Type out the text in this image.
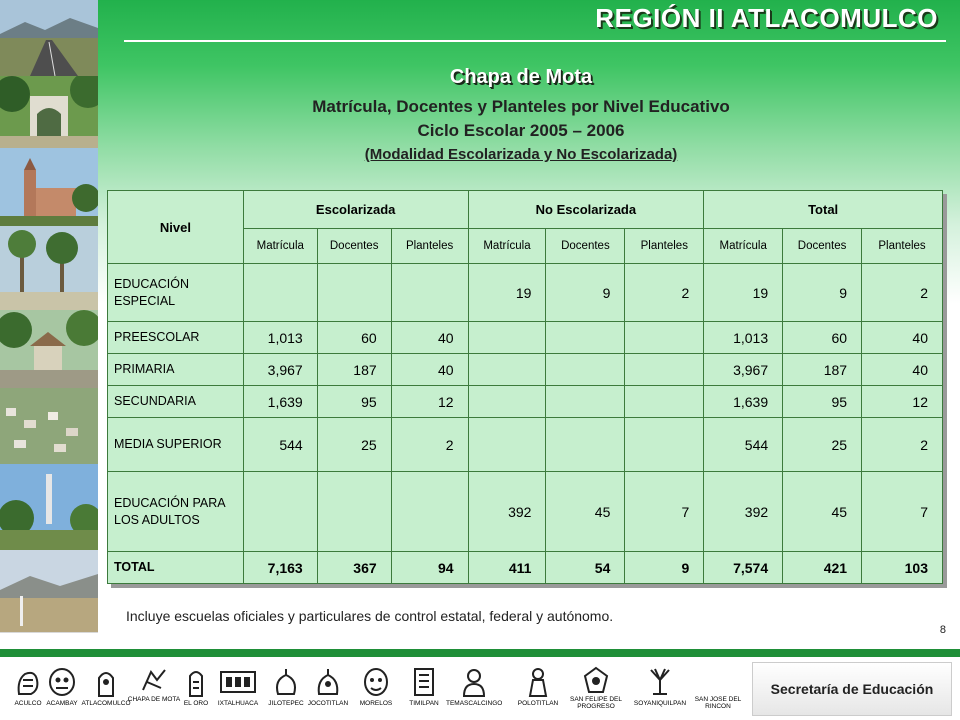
REGIÓN II ATLACOMULCO
Chapa de Mota
Matrícula, Docentes y Planteles por Nivel Educativo
Ciclo Escolar 2005 – 2006
(Modalidad Escolarizada y No Escolarizada)
Nivel	Escolarizada			No Escolarizada			Total		
	Matrícula	Docentes	Planteles	Matrícula	Docentes	Planteles	Matrícula	Docentes	Planteles
EDUCACIÓN ESPECIAL				19	9	2	19	9	2
PREESCOLAR	1,013	60	40				1,013	60	40
PRIMARIA	3,967	187	40				3,967	187	40
SECUNDARIA	1,639	95	12				1,639	95	12
MEDIA SUPERIOR	544	25	2				544	25	2
EDUCACIÓN PARA LOS ADULTOS				392	45	7	392	45	7
TOTAL	7,163	367	94	411	54	9	7,574	421	103
Incluye escuelas oficiales y particulares de control estatal, federal y autónomo.
8
ACULCO ACAMBAY ATLACOMULCO
CHAPA DE MOTA
EL ORO	IXTALHUACA	JILOTEPEC JOCOTITLAN	MORELOS	TIMILPAN	TEMASCALCINGO	POLOTITLAN
SAN FELIPE DEL PROGRESO	SOYANIQUILPAN
SAN JOSE DEL RINCON
Secretaría de Educación
